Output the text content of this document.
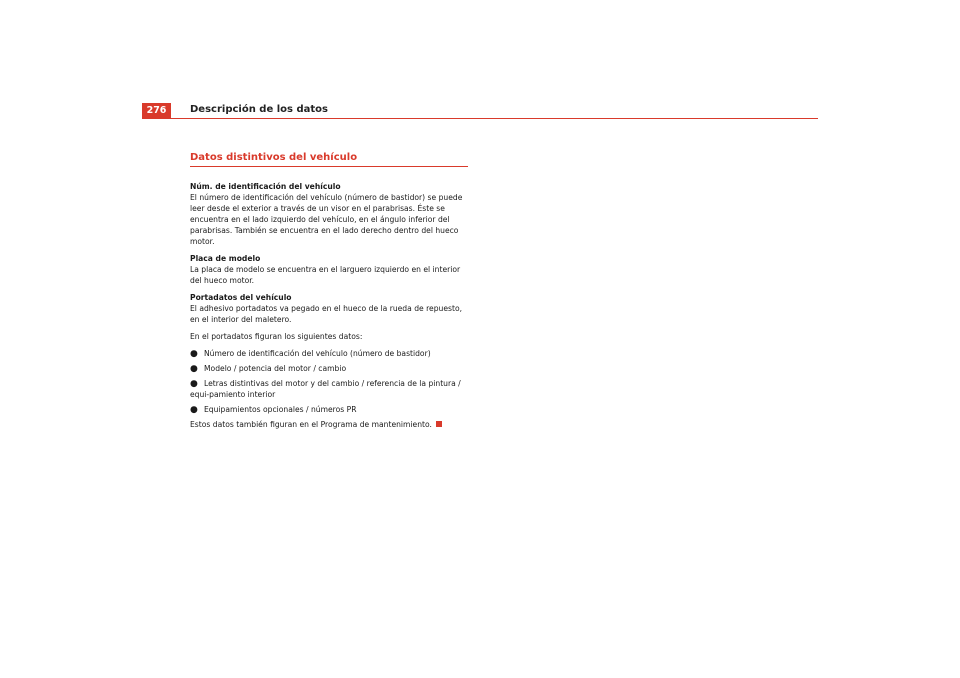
276	Descripción de los datos
Datos distintivos del vehículo

Núm. de identificación del vehículo
El número de identificación del vehículo (número de bastidor) se puede leer desde el exterior a través de un visor en el parabrisas. Éste se encuentra en el lado izquierdo del vehículo, en el ángulo inferior del parabrisas. También se encuentra en el lado derecho dentro del hueco motor.

Placa de modelo
La placa de modelo se encuentra en el larguero izquierdo en el interior del hueco motor.

Portadatos del vehículo
El adhesivo portadatos va pegado en el hueco de la rueda de repuesto, en el interior del maletero.

En el portadatos figuran los siguientes datos:

● Número de identificación del vehículo (número de bastidor)
● Modelo / potencia del motor / cambio
● Letras distintivas del motor y del cambio / referencia de la pintura / equi-pamiento interior
● Equipamientos opcionales / números PR

Estos datos también figuran en el Programa de mantenimiento.
